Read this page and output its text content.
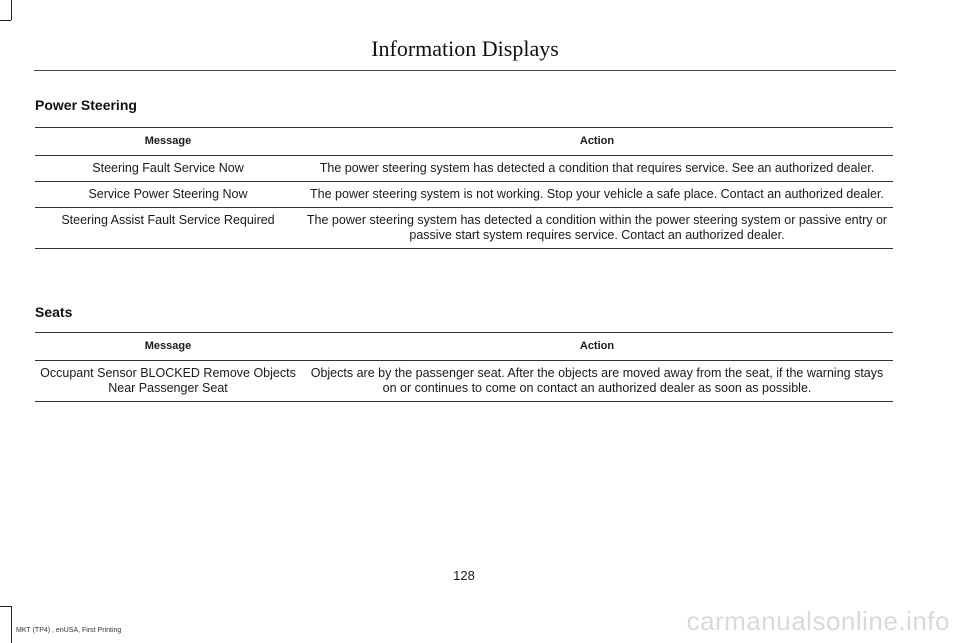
Information Displays
Power Steering
Message	Action
Steering Fault Service Now	The power steering system has detected a condition that requires service. See an authorized dealer.
Service Power Steering Now	The power steering system is not working. Stop your vehicle a safe place. Contact an authorized dealer.
Steering Assist Fault Service Required	The power steering system has detected a condition within the power steering system or passive entry or passive start system requires service. Contact an authorized dealer.
Seats
Message	Action
Occupant Sensor BLOCKED Remove Objects Near Passenger Seat	Objects are by the passenger seat. After the objects are moved away from the seat, if the warning stays on or continues to come on contact an authorized dealer as soon as possible.
128
MKT (TP4) , enUSA, First Printing	carmanualsonline.info
